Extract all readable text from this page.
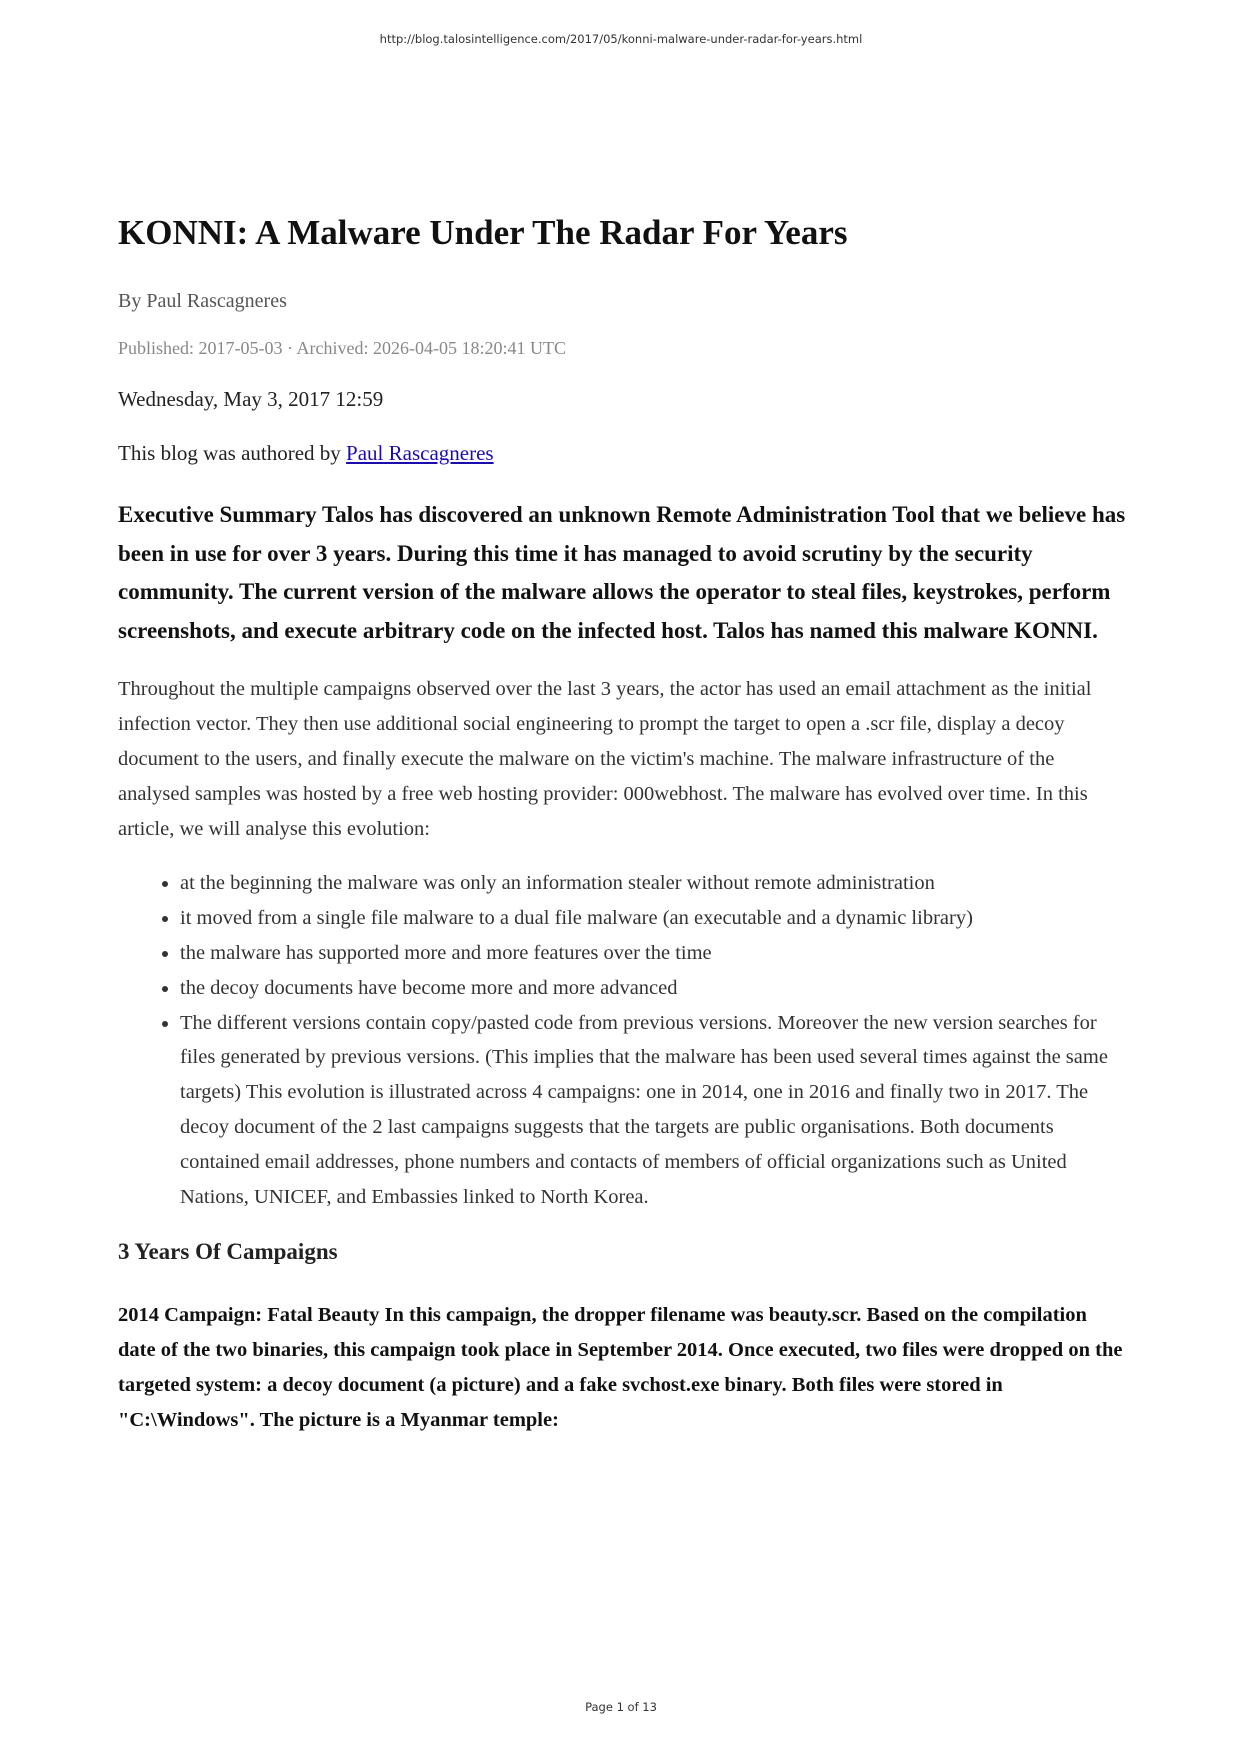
http://blog.talosintelligence.com/2017/05/konni-malware-under-radar-for-years.html
KONNI: A Malware Under The Radar For Years

By Paul Rascagneres

Published: 2017-05-03 · Archived: 2026-04-05 18:20:41 UTC

Wednesday, May 3, 2017 12:59

This blog was authored by Paul Rascagneres

Executive Summary Talos has discovered an unknown Remote Administration Tool that we believe has been in use for over 3 years. During this time it has managed to avoid scrutiny by the security community. The current version of the malware allows the operator to steal files, keystrokes, perform screenshots, and execute arbitrary code on the infected host. Talos has named this malware KONNI.

Throughout the multiple campaigns observed over the last 3 years, the actor has used an email attachment as the initial infection vector. They then use additional social engineering to prompt the target to open a .scr file, display a decoy document to the users, and finally execute the malware on the victim's machine. The malware infrastructure of the analysed samples was hosted by a free web hosting provider: 000webhost. The malware has evolved over time. In this article, we will analyse this evolution:

• at the beginning the malware was only an information stealer without remote administration
• it moved from a single file malware to a dual file malware (an executable and a dynamic library)
• the malware has supported more and more features over the time
• the decoy documents have become more and more advanced
• The different versions contain copy/pasted code from previous versions. Moreover the new version searches for files generated by previous versions. (This implies that the malware has been used several times against the same targets) This evolution is illustrated across 4 campaigns: one in 2014, one in 2016 and finally two in 2017. The decoy document of the 2 last campaigns suggests that the targets are public organisations. Both documents contained email addresses, phone numbers and contacts of members of official organizations such as United Nations, UNICEF, and Embassies linked to North Korea.
3 Years Of Campaigns

2014 Campaign: Fatal Beauty In this campaign, the dropper filename was beauty.scr. Based on the compilation date of the two binaries, this campaign took place in September 2014. Once executed, two files were dropped on the targeted system: a decoy document (a picture) and a fake svchost.exe binary. Both files were stored in "C:\Windows". The picture is a Myanmar temple:

Page 1 of 13
